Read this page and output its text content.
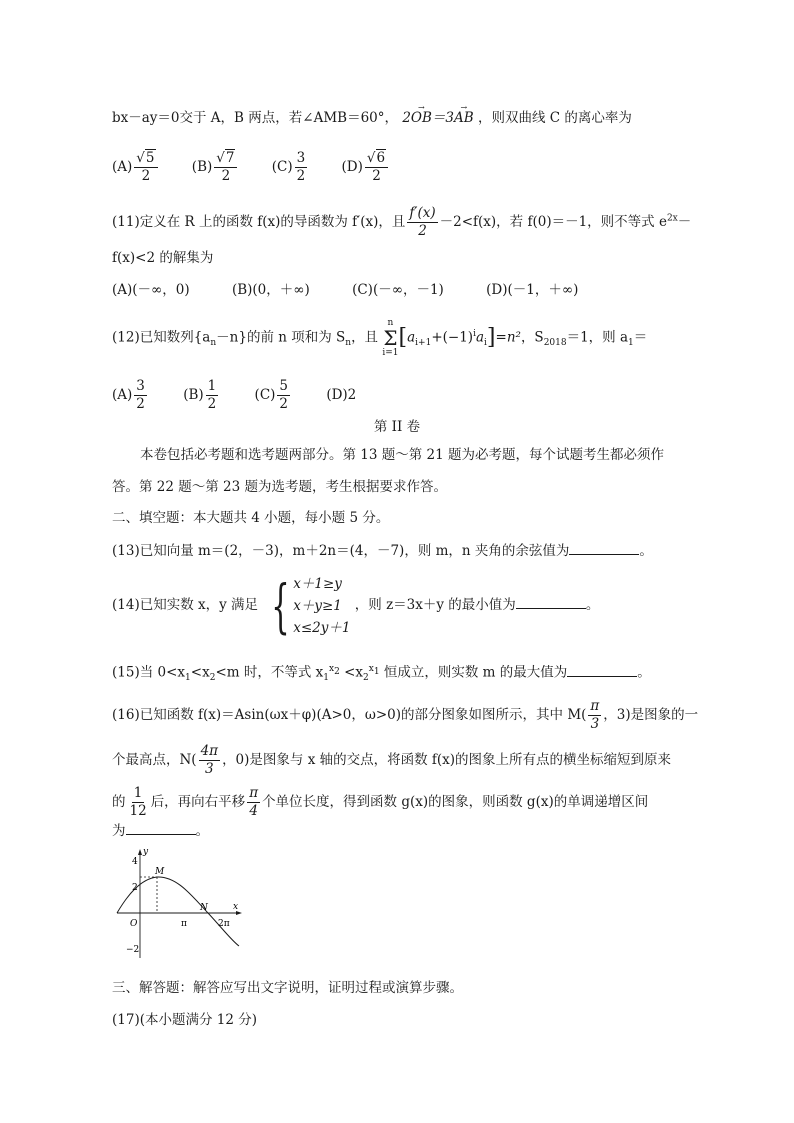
bx－ay＝0交于 A，B 两点，若∠AMB＝60°， 2→ OB＝3→ AB ，则双曲线 C 的离心率为
$(A) \frac{√5}{2}$	$(B) \frac{√7}{2}$	$(C) \frac{3}{2}$	$(D) \frac{√6}{2}$
(11)定义在 R 上的函数 f(x)的导函数为 f′(x)，且 $\frac{f'(x)}{2} -2<f(x)$，若 f(0)＝－1，则不等式 $e^{2x}-$
f(x)<2 的解集为
(A)(－∞，0)	(B)(0，＋∞)	(C)(－∞，－1)	(D)(－1，＋∞)
(12)已知数列$\{a_n-n\}$的前 n 项和为 $S_n$，且
n
Σ
i=1
$[a_{i+1}+(-1)^ia_i]=n^2$，$S_{2018}=1$，则 $a_1=$
$(A) \frac{3}{2}$	$(B) \frac{1}{2}$	$(C) \frac{5}{2}$	(D)2
第 II 卷
本卷包括必考题和选考题两部分。第 13 题～第 21 题为必考题，每个试题考生都必须作
答。第 22 题～第 23 题为选考题，考生根据要求作答。
二、填空题：本大题共 4 小题，每小题 5 分。
(13)已知向量 m＝(2，－3)，m＋2n＝(4，－7)，则 m，n 夹角的余弦值为	。
(14)已知实数 x，y 满足 { x＋1≥y
x＋y≥1
x≤2y＋1
，则 z＝3x＋y 的最小值为	。
(15)当 $0<x_1<x_2<m$ 时，不等式 $x_1^{x_2} <x_2^{x_1}$ 恒成立，则实数 m 的最大值为	。
(16)已知函数 f(x)＝Asin(ωx＋φ)(A>0，ω>0)的部分图象如图所示，其中 $M( \frac{\pi}{3}$ ，3)是图象的一
个最高点，$N( \frac{4\pi}{3}$ ，0)是图象与 x 轴的交点，将函数 f(x)的图象上所有点的横坐标缩短到原来
的 $\frac{1}{12}$ 后，再向右平移 $\frac{\pi}{4}$ 个单位长度，得到函数 g(x)的图象，则函数 g(x)的单调递增区间
为	。
y
x
O
M
N
4
2
−2
π	2π
三、解答题：解答应写出文字说明，证明过程或演算步骤。
(17)(本小题满分 12 分)
